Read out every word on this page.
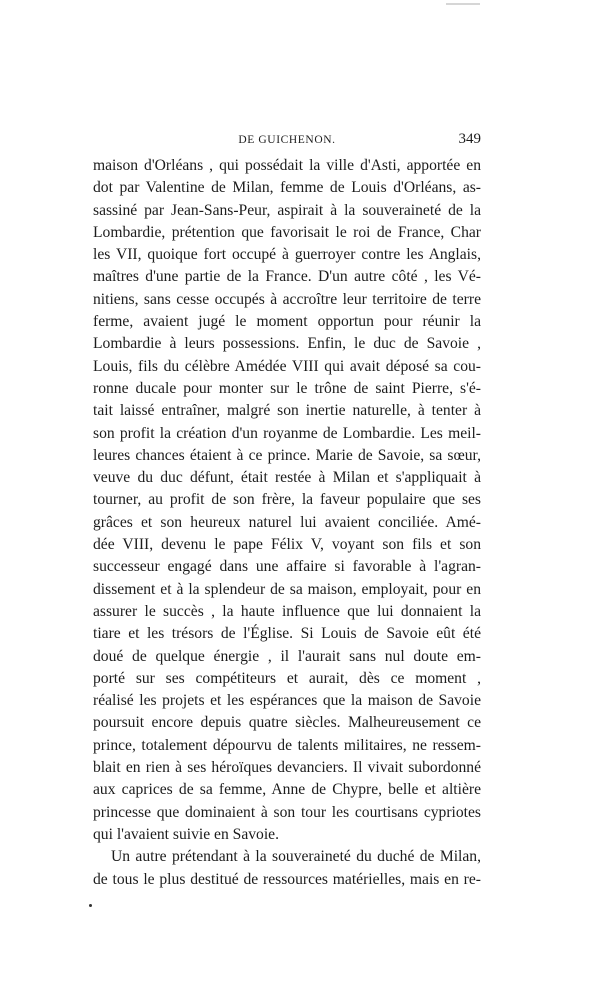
DE GUICHENON.	349
maison d'Orléans , qui possédait la ville d'Asti, apportée en
dot par Valentine de Milan, femme de Louis d'Orléans, as-
sassiné par Jean-Sans-Peur, aspirait à la souveraineté de la
Lombardie, prétention que favorisait le roi de France, Char
les VII, quoique fort occupé à guerroyer contre les Anglais,
maîtres d'une partie de la France. D'un autre côté , les Vé-
nitiens, sans cesse occupés à accroître leur territoire de terre
ferme, avaient jugé le moment opportun pour réunir la
Lombardie à leurs possessions. Enfin, le duc de Savoie ,
Louis, fils du célèbre Amédée VIII qui avait déposé sa cou-
ronne ducale pour monter sur le trône de saint Pierre, s'é-
tait laissé entraîner, malgré son inertie naturelle, à tenter à
son profit la création d'un royanme de Lombardie. Les meil-
leures chances étaient à ce prince. Marie de Savoie, sa sœur,
veuve du duc défunt, était restée à Milan et s'appliquait à
tourner, au profit de son frère, la faveur populaire que ses
grâces et son heureux naturel lui avaient conciliée. Amé-
dée VIII, devenu le pape Félix V, voyant son fils et son
successeur engagé dans une affaire si favorable à l'agran-
dissement et à la splendeur de sa maison, employait, pour en
assurer le succès , la haute influence que lui donnaient la
tiare et les trésors de l'Église. Si Louis de Savoie eût été
doué de quelque énergie , il l'aurait sans nul doute em-
porté sur ses compétiteurs et aurait, dès ce moment ,
réalisé les projets et les espérances que la maison de Savoie
poursuit encore depuis quatre siècles. Malheureusement ce
prince, totalement dépourvu de talents militaires, ne ressem-
blait en rien à ses héroïques devanciers. Il vivait subordonné
aux caprices de sa femme, Anne de Chypre, belle et altière
princesse que dominaient à son tour les courtisans cypriotes
qui l'avaient suivie en Savoie.
Un autre prétendant à la souveraineté du duché de Milan,
de tous le plus destitué de ressources matérielles, mais en re-
